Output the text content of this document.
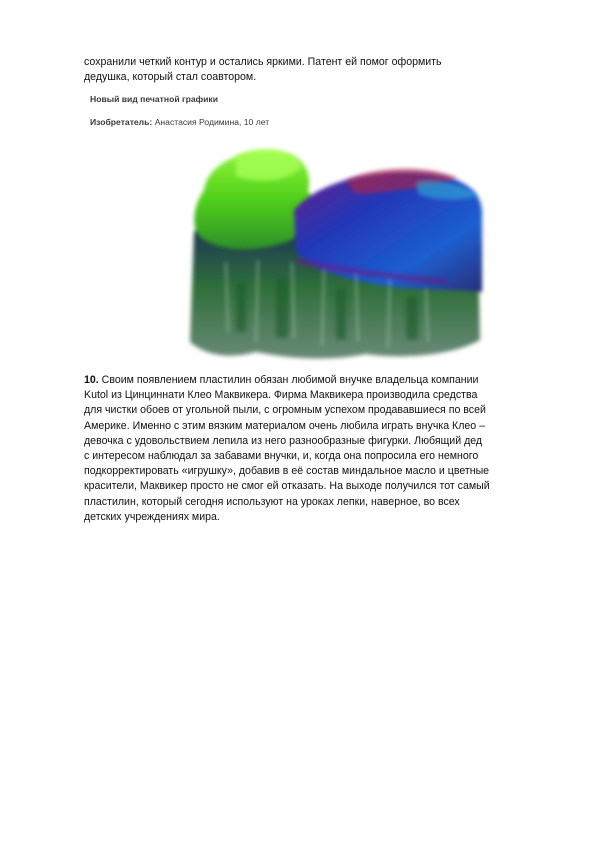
сохранили четкий контур и остались яркими. Патент ей помог оформить
дедушка, который стал соавтором.

Новый вид печатной графики
Изобретатель: Анастасия Родимина, 10 лет

10. Своим появлением пластилин обязан любимой внучке владельца компании
Kutol из Цинциннати Клео Маквикера. Фирма Маквикера производила средства
для чистки обоев от угольной пыли, с огромным успехом продававшиеся по всей
Америке. Именно с этим вязким материалом очень любила играть внучка Клео –
девочка с удовольствием лепила из него разнообразные фигурки. Любящий дед
с интересом наблюдал за забавами внучки, и, когда она попросила его немного
подкорректировать «игрушку», добавив в её состав миндальное масло и цветные
красители, Маквикер просто не смог ей отказать. На выходе получился тот самый
пластилин, который сегодня используют на уроках лепки, наверное, во всех
детских учреждениях мира.
